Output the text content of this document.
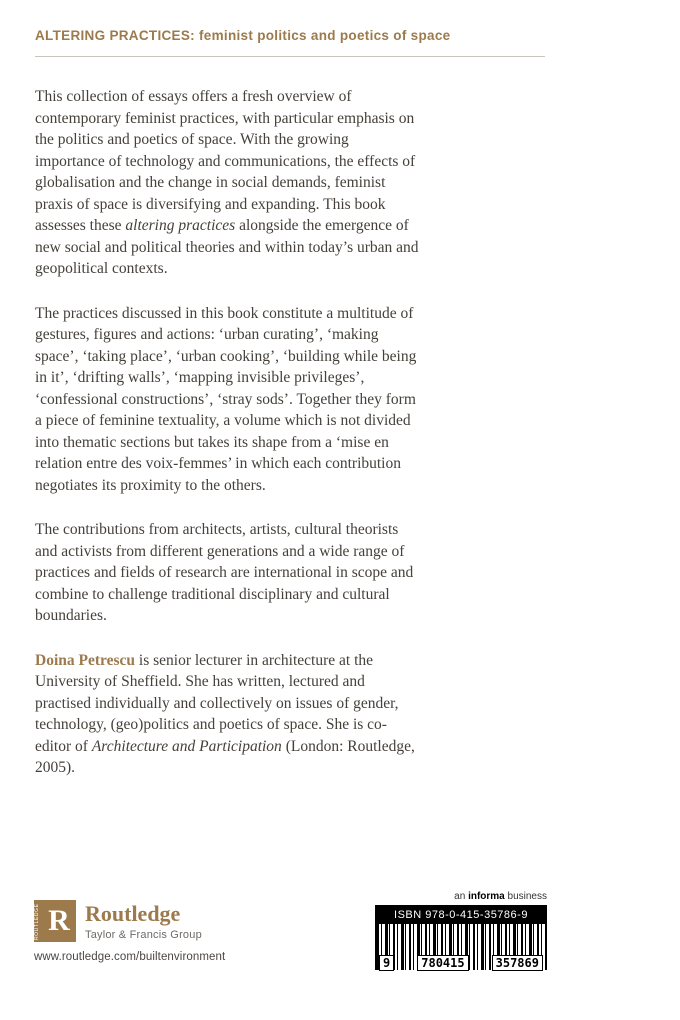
ALTERING PRACTICES: feminist politics and poetics of space

This collection of essays offers a fresh overview of contemporary feminist practices, with particular emphasis on the politics and poetics of space. With the growing importance of technology and communications, the effects of globalisation and the change in social demands, feminist praxis of space is diversifying and expanding. This book assesses these altering practices alongside the emergence of new social and political theories and within today’s urban and geopolitical contexts.

The practices discussed in this book constitute a multitude of gestures, figures and actions: ‘urban curating’, ‘making space’, ‘taking place’, ‘urban cooking’, ‘building while being in it’, ‘drifting walls’, ‘mapping invisible privileges’, ‘confessional constructions’, ‘stray sods’. Together they form a piece of feminine textuality, a volume which is not divided into thematic sections but takes its shape from a ‘mise en relation entre des voix-femmes’ in which each contribution negotiates its proximity to the others.

The contributions from architects, artists, cultural theorists and activists from different generations and a wide range of practices and fields of research are international in scope and combine to challenge traditional disciplinary and cultural boundaries.

Doina Petrescu is senior lecturer in architecture at the University of Sheffield. She has written, lectured and practised individually and collectively on issues of gender, technology, (geo)politics and poetics of space. She is co-editor of Architecture and Participation (London: Routledge, 2005).

ROUTLEDGE R Routledge
Taylor & Francis Group
www.routledge.com/builtenvironment
an informa business
ISBN 978-0-415-35786-9
9	780415	357869
